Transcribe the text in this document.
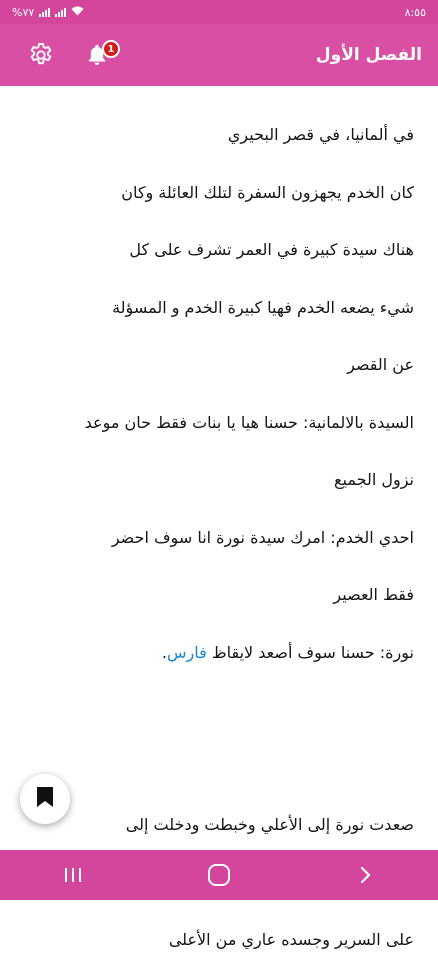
%٧٧	٨:٥٥
1	الفصل الأول
في ألمانيا، في قصر البحيري
كان الخدم يجهزون السفرة لتلك العائلة وكان
هناك سيدة كبيرة في العمر تشرف على كل
شيء يضعه الخدم فهيا كبيرة الخدم و المسؤلة
عن القصر
السيدة بالالمانية: حسنا هيا يا بنات فقط حان موعد
نزول الجميع
احدي الخدم: امرك سيدة نورة انا سوف احضر
فقط العصير
نورة: حسنا سوف أصعد لايقاظ فارس.
صعدت نورة إلى الأعلي وخبطت ودخلت إلى
على السرير وجسده عاري من الأعلى
